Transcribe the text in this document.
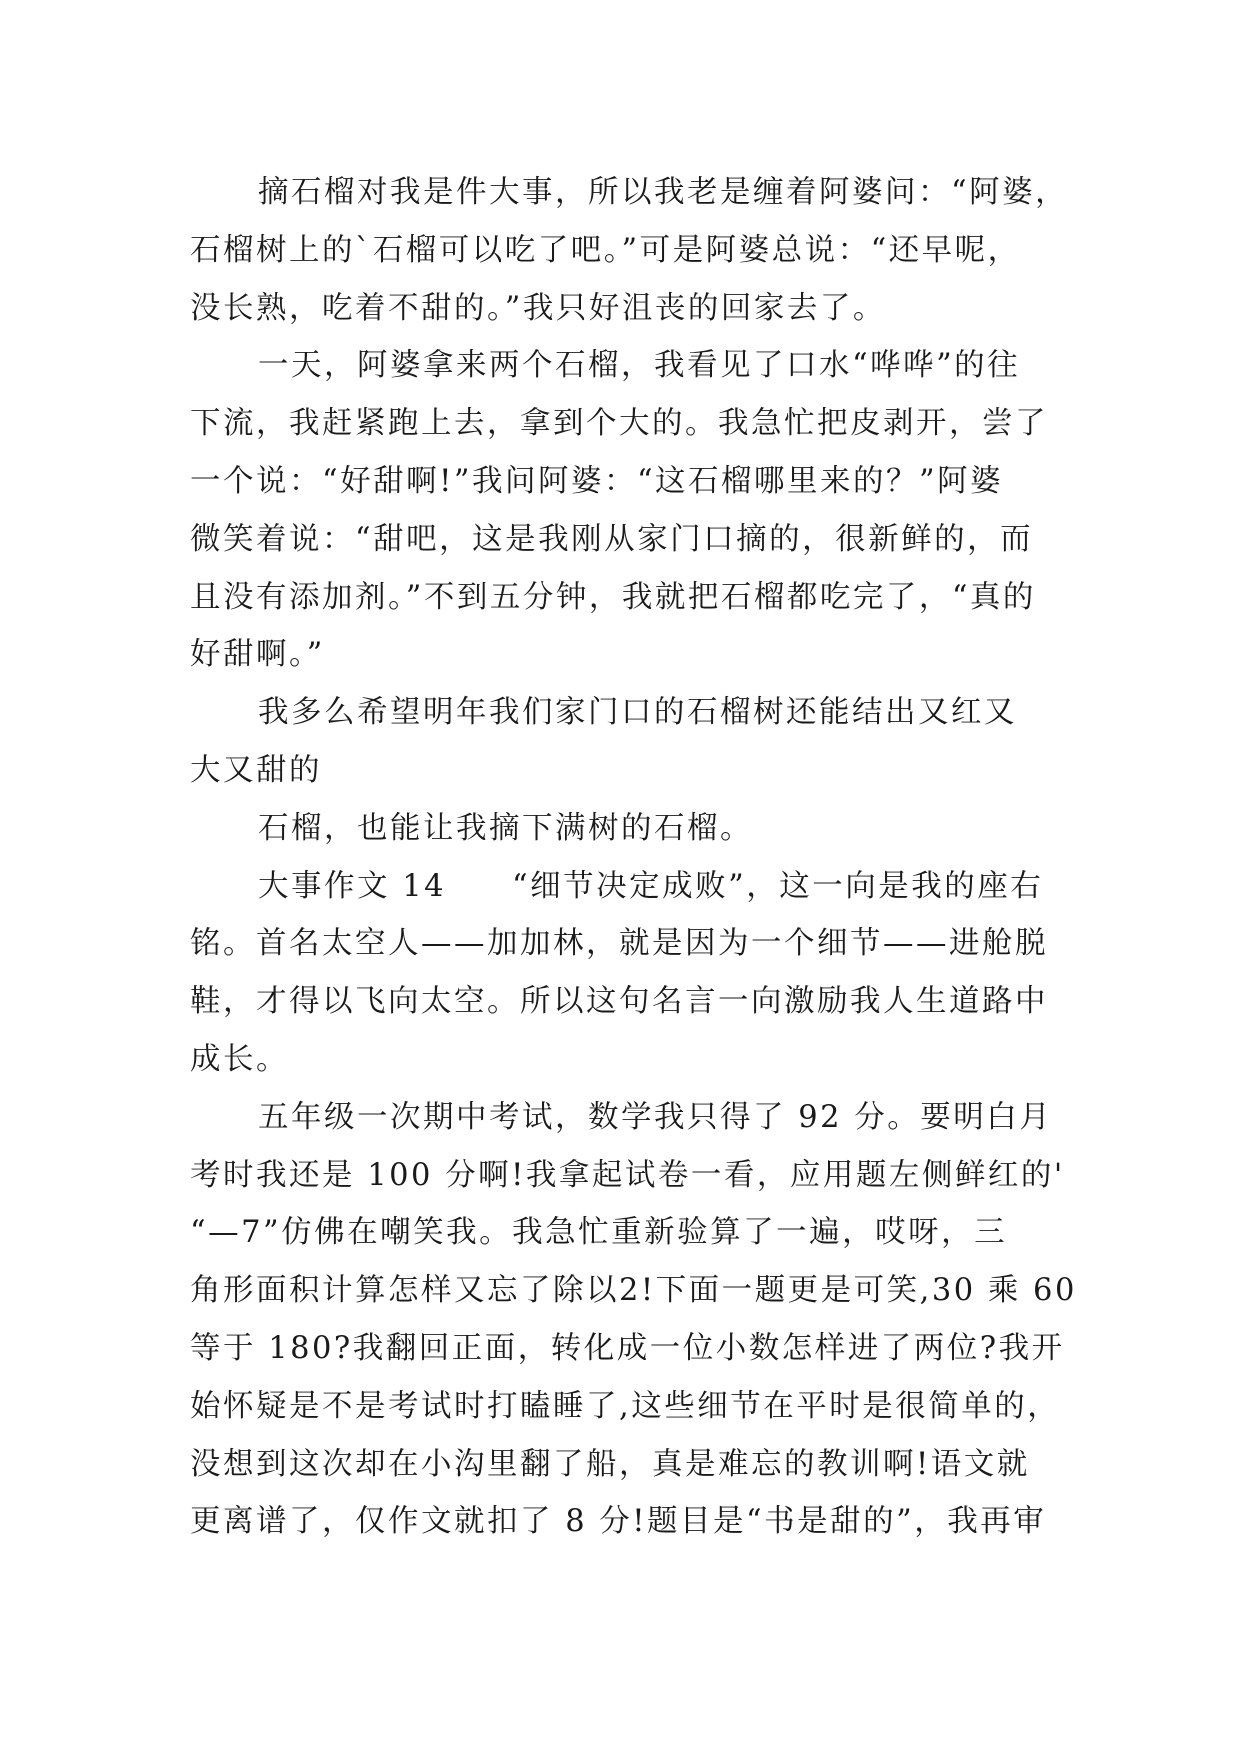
摘石榴对我是件大事，所以我老是缠着阿婆问：“阿婆，
石榴树上的`石榴可以吃了吧。”可是阿婆总说：“还早呢，
没长熟，吃着不甜的。”我只好沮丧的回家去了。
一天，阿婆拿来两个石榴，我看见了口水“哗哗”的往
下流，我赶紧跑上去，拿到个大的。我急忙把皮剥开，尝了
一个说：“好甜啊!”我问阿婆：“这石榴哪里来的？”阿婆
微笑着说：“甜吧，这是我刚从家门口摘的，很新鲜的，而
且没有添加剂。”不到五分钟，我就把石榴都吃完了，“真的
好甜啊。”
我多么希望明年我们家门口的石榴树还能结出又红又
大又甜的
石榴，也能让我摘下满树的石榴。
大事作文 14　　“细节决定成败”，这一向是我的座右
铭。首名太空人——加加林，就是因为一个细节——进舱脱
鞋，才得以飞向太空。所以这句名言一向激励我人生道路中
成长。
五年级一次期中考试，数学我只得了 92 分。要明白月
考时我还是 100 分啊!我拿起试卷一看，应用题左侧鲜红的'
“—7”仿佛在嘲笑我。我急忙重新验算了一遍，哎呀，三
角形面积计算怎样又忘了除以2!下面一题更是可笑,30 乘 60
等于 180?我翻回正面，转化成一位小数怎样进了两位?我开
始怀疑是不是考试时打瞌睡了,这些细节在平时是很简单的，
没想到这次却在小沟里翻了船，真是难忘的教训啊!语文就
更离谱了，仅作文就扣了 8 分!题目是“书是甜的”，我再审
